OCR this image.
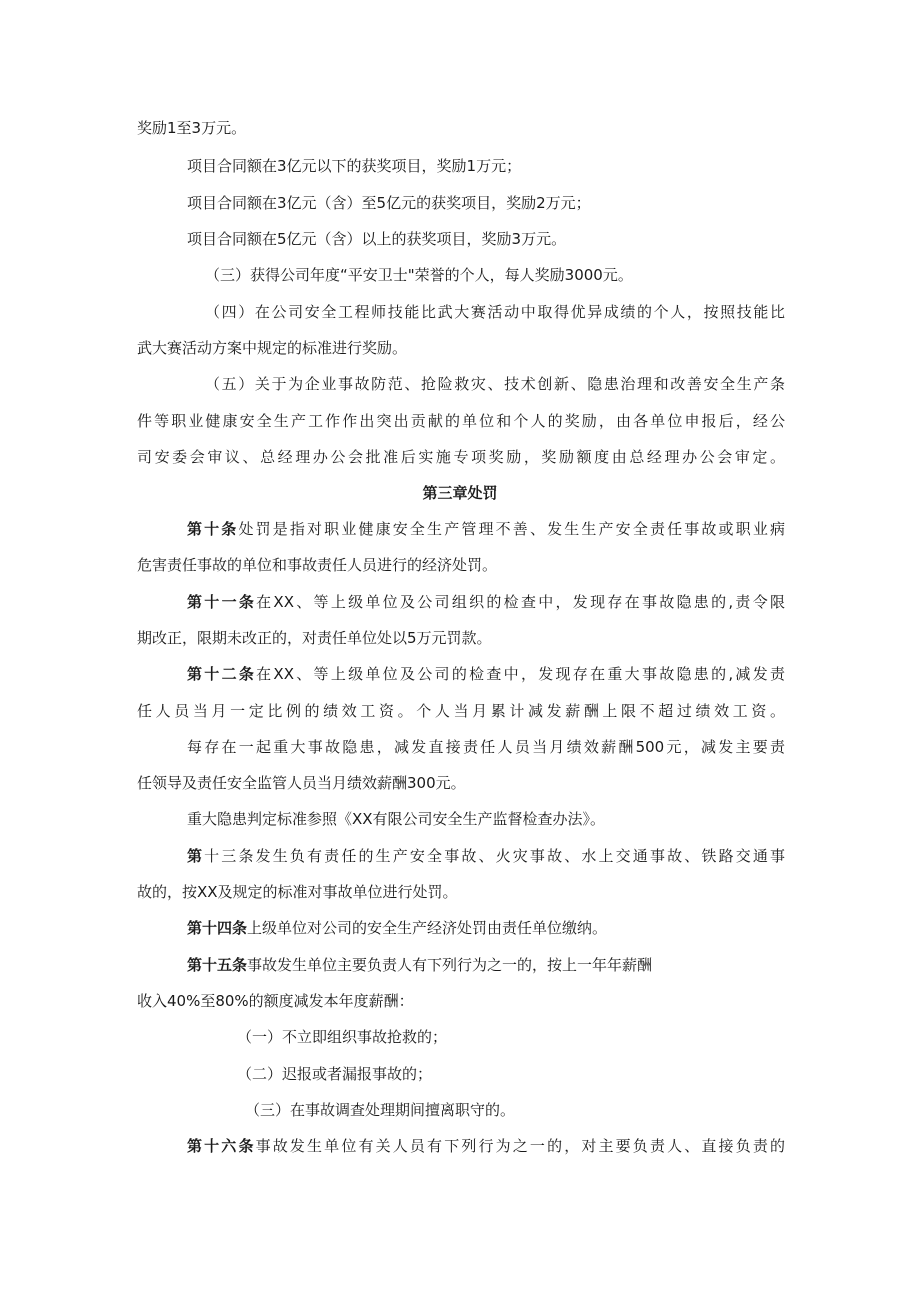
奖励1至3万元。
项目合同额在3亿元以下的获奖项目，奖励1万元；
项目合同额在3亿元（含）至5亿元的获奖项目，奖励2万元；
项目合同额在5亿元（含）以上的获奖项目，奖励3万元。
（三）获得公司年度“平安卫士"荣誉的个人，每人奖励3000元。
（四）在公司安全工程师技能比武大赛活动中取得优异成绩的个人，按照技能比
武大赛活动方案中规定的标准进行奖励。
（五）关于为企业事故防范、抢险救灾、技术创新、隐患治理和改善安全生产条
件等职业健康安全生产工作作出突出贡献的单位和个人的奖励，由各单位申报后，经公
司安委会审议、总经理办公会批准后实施专项奖励，奖励额度由总经理办公会审定。
第三章处罚
第十条处罚是指对职业健康安全生产管理不善、发生生产安全责任事故或职业病
危害责任事故的单位和事故责任人员进行的经济处罚。
第十一条在XX、等上级单位及公司组织的检查中，发现存在事故隐患的,责令限
期改正，限期未改正的，对责任单位处以5万元罚款。
第十二条在XX、等上级单位及公司的检查中，发现存在重大事故隐患的,减发责
任人员当月一定比例的绩效工资。个人当月累计减发薪酬上限不超过绩效工资。
每存在一起重大事故隐患，减发直接责任人员当月绩效薪酬500元，减发主要责
任领导及责任安全监管人员当月绩效薪酬300元。
重大隐患判定标准参照《XX有限公司安全生产监督检查办法》。
第十三条发生负有责任的生产安全事故、火灾事故、水上交通事故、铁路交通事
故的，按XX及规定的标准对事故单位进行处罚。
第十四条上级单位对公司的安全生产经济处罚由责任单位缴纳。
第十五条事故发生单位主要负责人有下列行为之一的，按上一年年薪酬
收入40%至80%的额度减发本年度薪酬：
（一）不立即组织事故抢救的；
（二）迟报或者漏报事故的；
（三）在事故调查处理期间擅离职守的。
第十六条事故发生单位有关人员有下列行为之一的，对主要负责人、直接负责的
